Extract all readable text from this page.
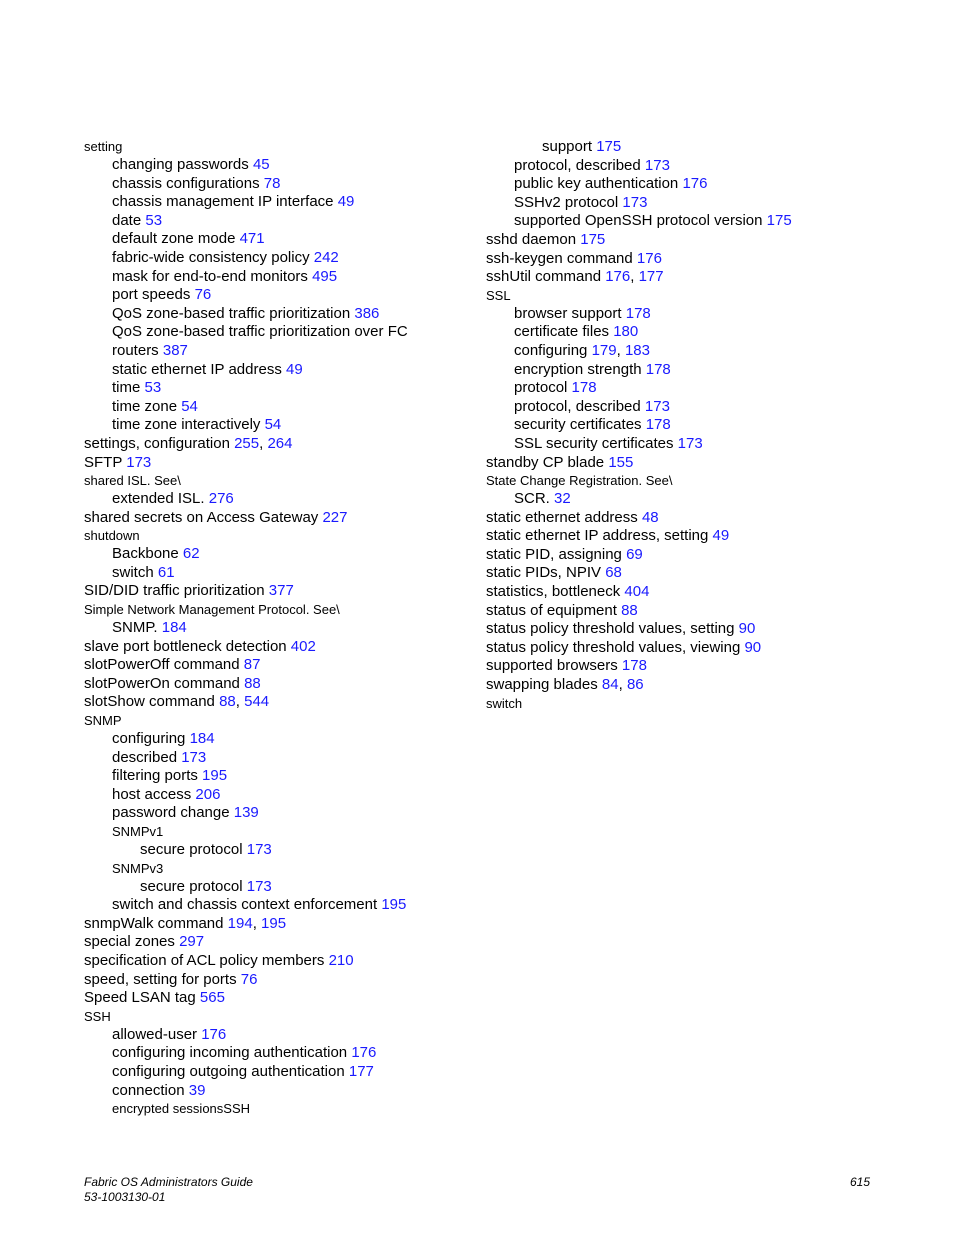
setting
changing passwords 45
chassis configurations 78
chassis management IP interface 49
date 53
default zone mode 471
fabric-wide consistency policy 242
mask for end-to-end monitors 495
port speeds 76
QoS zone-based traffic prioritization 386
QoS zone-based traffic prioritization over FC
routers 387
static ethernet IP address 49
time 53
time zone 54
time zone interactively 54
settings, configuration 255, 264
SFTP 173
shared ISL. See\
extended ISL. 276
shared secrets on Access Gateway 227
shutdown
Backbone 62
switch 61
SID/DID traffic prioritization 377
Simple Network Management Protocol. See\
SNMP. 184
slave port bottleneck detection 402
slotPowerOff command 87
slotPowerOn command 88
slotShow command 88, 544
SNMP
configuring 184
described 173
filtering ports 195
host access 206
password change 139
SNMPv1
secure protocol 173
SNMPv3
secure protocol 173
switch and chassis context enforcement 195
snmpWalk command 194, 195
special zones 297
specification of ACL policy members 210
speed, setting for ports 76
Speed LSAN tag 565
SSH
allowed-user 176
configuring incoming authentication 176
configuring outgoing authentication 177
connection 39
encrypted sessionsSSH
support 175
protocol, described 173
public key authentication 176
SSHv2 protocol 173
supported OpenSSH protocol version 175
sshd daemon 175
ssh-keygen command 176
sshUtil command 176, 177
SSL
browser support 178
certificate files 180
configuring 179, 183
encryption strength 178
protocol 178
protocol, described 173
security certificates 178
SSL security certificates 173
standby CP blade 155
State Change Registration. See\
SCR. 32
static ethernet address 48
static ethernet IP address, setting 49
static PID, assigning 69
static PIDs, NPIV 68
statistics, bottleneck 404
status of equipment 88
status policy threshold values, setting 90
status policy threshold values, viewing 90
supported browsers 178
swapping blades 84, 86
switch
Fabric OS Administrators Guide
53-1003130-01
615
